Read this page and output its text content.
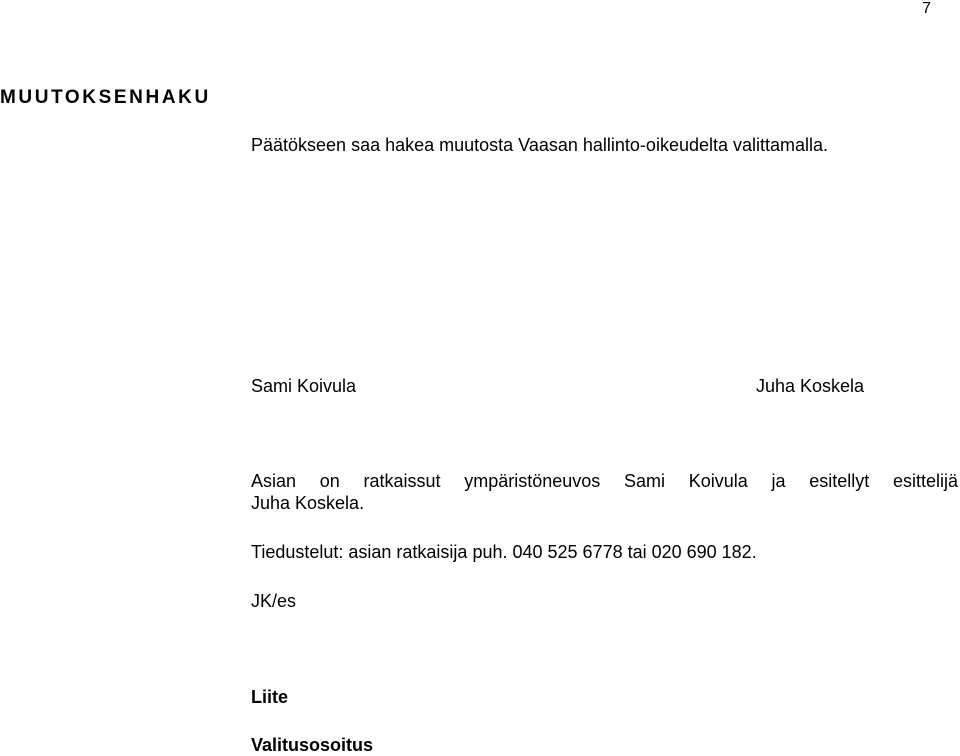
7
MUUTOKSENHAKU
Päätökseen saa hakea muutosta Vaasan hallinto-oikeudelta valittamalla.
Sami Koivula	Juha Koskela
Asian on ratkaissut ympäristöneuvos Sami Koivula ja esitellyt esittelijä
Juha Koskela.
Tiedustelut: asian ratkaisija puh. 040 525 6778 tai 020 690 182.
JK/es
Liite
Valitusosoitus
